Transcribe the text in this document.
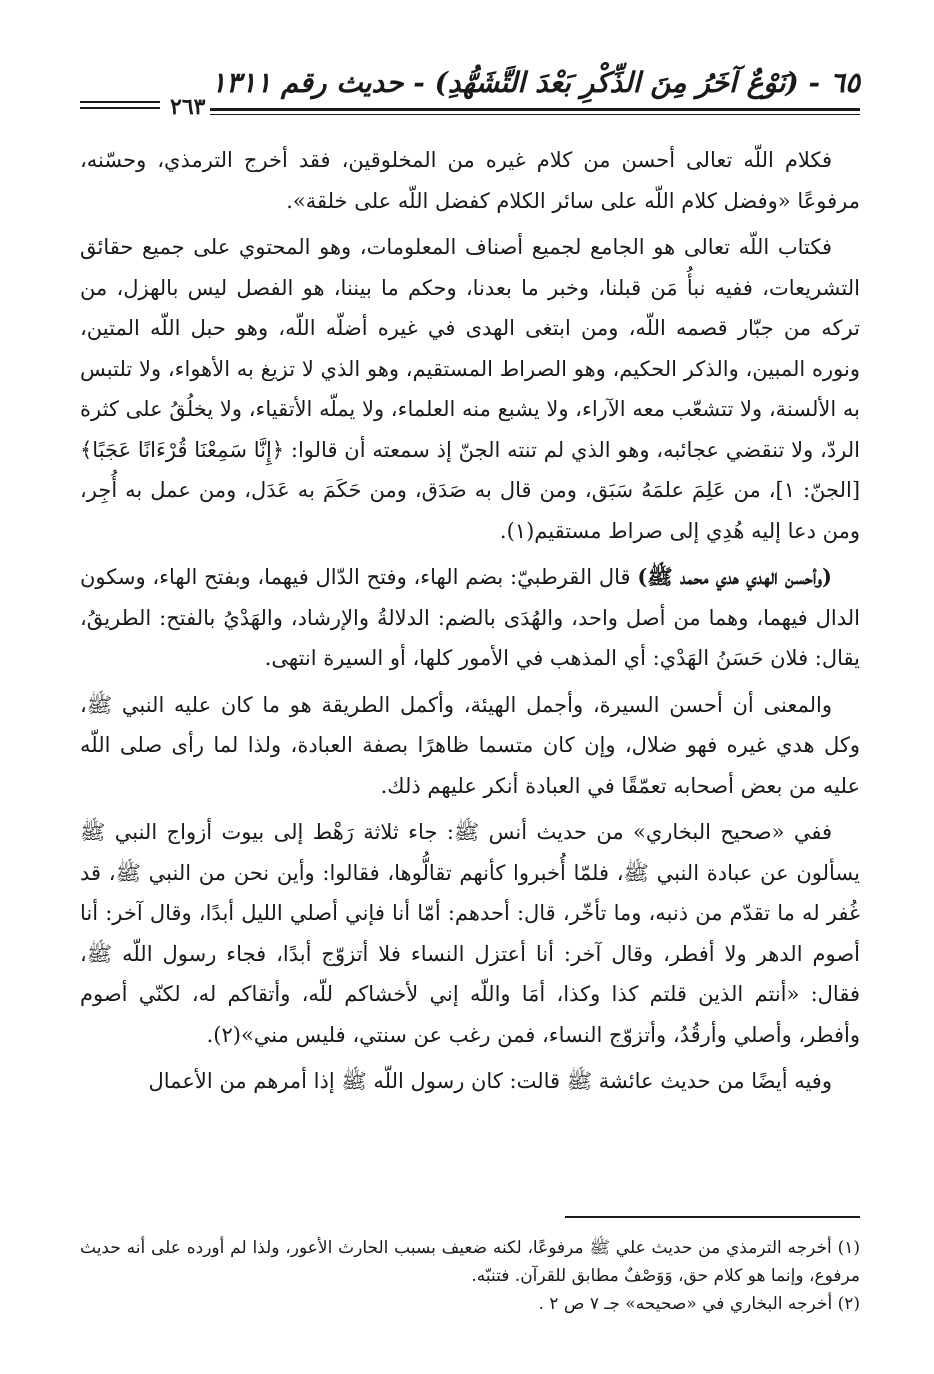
٦٥ - (نَوْعٌ آخَرُ مِنَ الذِّكْرِ بَعْدَ التَّشَهُّدِ) - حديث رقم ١٣١١
٢٦٣

فكلام اللّه تعالى أحسن من كلام غيره من المخلوقين، فقد أخرج الترمذي، وحسّنه، مرفوعًا «وفضل كلام اللّه على سائر الكلام كفضل اللّه على خلقة».

فكتاب اللّه تعالى هو الجامع لجميع أصناف المعلومات، وهو المحتوي على جميع حقائق التشريعات، ففيه نبأُ مَن قبلنا، وخبر ما بعدنا، وحكم ما بيننا، هو الفصل ليس بالهزل، من تركه من جبّار قصمه اللّه، ومن ابتغى الهدى في غيره أضلّه اللّه، وهو حبل اللّه المتين، ونوره المبين، والذكر الحكيم، وهو الصراط المستقيم، وهو الذي لا تزيغ به الأهواء، ولا تلتبس به الألسنة، ولا تتشعّب معه الآراء، ولا يشبع منه العلماء، ولا يملّه الأتقياء، ولا يخلُقُ على كثرة الردّ، ولا تنقضي عجائبه، وهو الذي لم تنته الجنّ إذ سمعته أن قالوا: ﴿إِنَّا سَمِعْنَا قُرْءَانًا عَجَبًا﴾ [الجنّ: ١]، من عَلِمَ علمَهُ سَبَق، ومن قال به صَدَق، ومن حَكَمَ به عَدَل، ومن عمل به أُجِر، ومن دعا إليه هُدِي إلى صراط مستقيم(١).

(وأحسن الهدي هدي محمد ﷺ) قال القرطبيّ: بضم الهاء، وفتح الدّال فيهما، وبفتح الهاء، وسكون الدال فيهما، وهما من أصل واحد، والهُدَى بالضم: الدلالةُ والإرشاد، والهَدْيُ بالفتح: الطريقُ، يقال: فلان حَسَنُ الهَدْي: أي المذهب في الأمور كلها، أو السيرة انتهى.

والمعنى أن أحسن السيرة، وأجمل الهيئة، وأكمل الطريقة هو ما كان عليه النبي ﷺ، وكل هدي غيره فهو ضلال، وإن كان متسما ظاهرًا بصفة العبادة، ولذا لما رأى صلى اللّه عليه من بعض أصحابه تعمّقًا في العبادة أنكر عليهم ذلك.

ففي «صحيح البخاري» من حديث أنس ﷺ: جاء ثلاثة رَهْط إلى بيوت أزواج النبي ﷺ يسألون عن عبادة النبي ﷺ، فلمّا أُخبروا كأنهم تقالُّوها، فقالوا: وأين نحن من النبي ﷺ، قد غُفر له ما تقدّم من ذنبه، وما تأخّر، قال: أحدهم: أمّا أنا فإني أصلي الليل أبدًا، وقال آخر: أنا أصوم الدهر ولا أفطر، وقال آخر: أنا أعتزل النساء فلا أتزوّج أبدًا، فجاء رسول اللّه ﷺ، فقال: «أنتم الذين قلتم كذا وكذا، أمَا واللّه إني لأخشاكم للّه، وأتقاكم له، لكنّي أصوم وأفطر، وأصلي وأرقُدُ، وأتزوّج النساء، فمن رغب عن سنتي، فليس مني»(٢).

وفيه أيضًا من حديث عائشة ﷺ قالت: كان رسول اللّه ﷺ إذا أمرهم من الأعمال

(١) أخرجه الترمذي من حديث علي ﷺ مرفوعًا، لكنه ضعيف بسبب الحارث الأعور، ولذا لم أورده على أنه حديث مرفوع، وإنما هو كلام حق، وَوَصْفٌ مطابق للقرآن. فتنبّه.

(٢) أخرجه البخاري في «صحيحه» جـ ٧ ص ٢ .
